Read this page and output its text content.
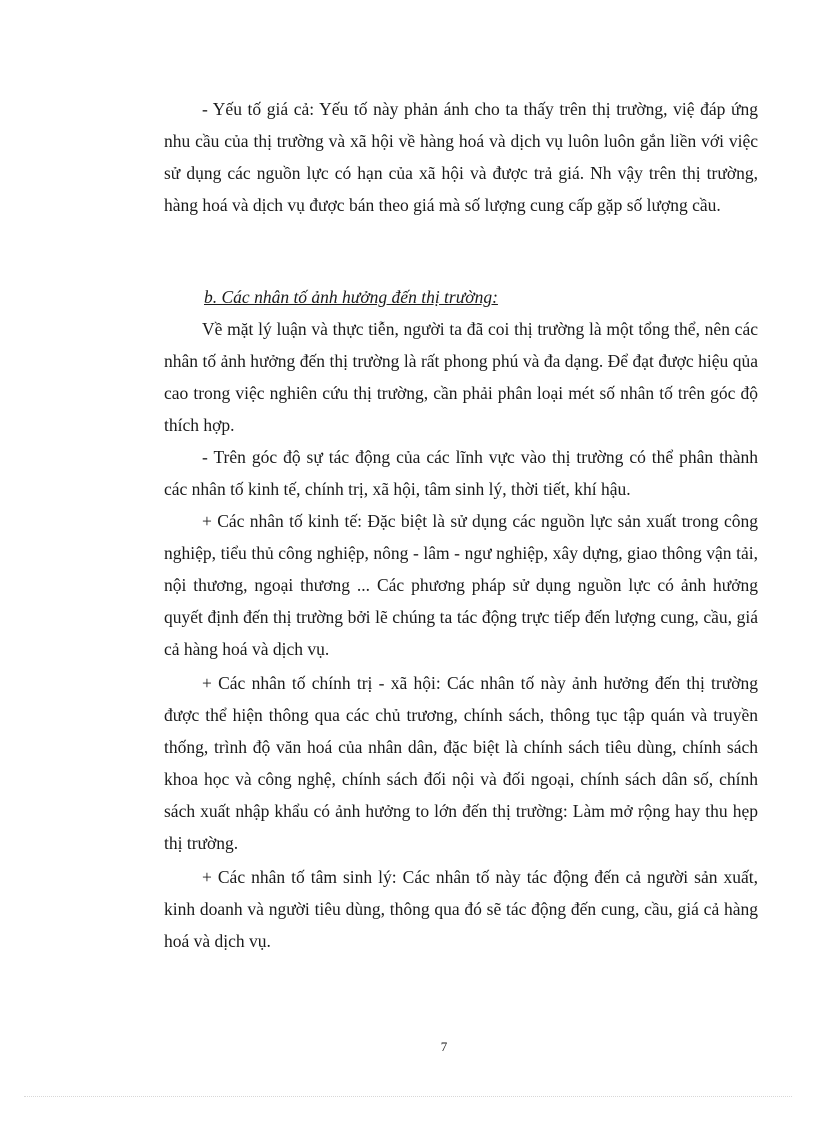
- Yếu tố giá cả: Yếu tố này phản ánh cho ta thấy trên thị trường, việ đáp ứng nhu cầu của thị trường và xã hội về hàng hoá và dịch vụ luôn luôn gắn liền với việc sử dụng các nguồn lực có hạn của xã hội và được trả giá. Nh vậy trên thị trường, hàng hoá và dịch vụ được bán theo giá mà số lượng cung cấp gặp số lượng cầu.

b. Các nhân tố ảnh hưởng đến thị trường:

Về mặt lý luận và thực tiễn, người ta đã coi thị trường là một tổng thể, nên các nhân tố ảnh hưởng đến thị trường là rất phong phú và đa dạng. Để đạt được hiệu qủa cao trong việc nghiên cứu thị trường, cần phải phân loại mét số nhân tố trên góc độ thích hợp.

- Trên góc độ sự tác động của các lĩnh vực vào thị trường có thể phân thành các nhân tố kinh tế, chính trị, xã hội, tâm sinh lý, thời tiết, khí hậu.

+ Các nhân tố kinh tế: Đặc biệt là sử dụng các nguồn lực sản xuất trong công nghiệp, tiểu thủ công nghiệp, nông - lâm - ngư nghiệp, xây dựng, giao thông vận tải, nội thương, ngoại thương ... Các phương pháp sử dụng nguồn lực có ảnh hưởng quyết định đến thị trường bởi lẽ chúng ta tác động trực tiếp đến lượng cung, cầu, giá cả hàng hoá và dịch vụ.

+ Các nhân tố chính trị - xã hội: Các nhân tố này ảnh hưởng đến thị trường được thể hiện thông qua các chủ trương, chính sách, thông tục tập quán và truyền thống, trình độ văn hoá của nhân dân, đặc biệt là chính sách tiêu dùng, chính sách khoa học và công nghệ, chính sách đối nội và đối ngoại, chính sách dân số, chính sách xuất nhập khẩu có ảnh hưởng to lớn đến thị trường: Làm mở rộng hay thu hẹp thị trường.

+ Các nhân tố tâm sinh lý: Các nhân tố này tác động đến cả người sản xuất, kinh doanh và người tiêu dùng, thông qua đó sẽ tác động đến cung, cầu, giá cả hàng hoá và dịch vụ.

7
